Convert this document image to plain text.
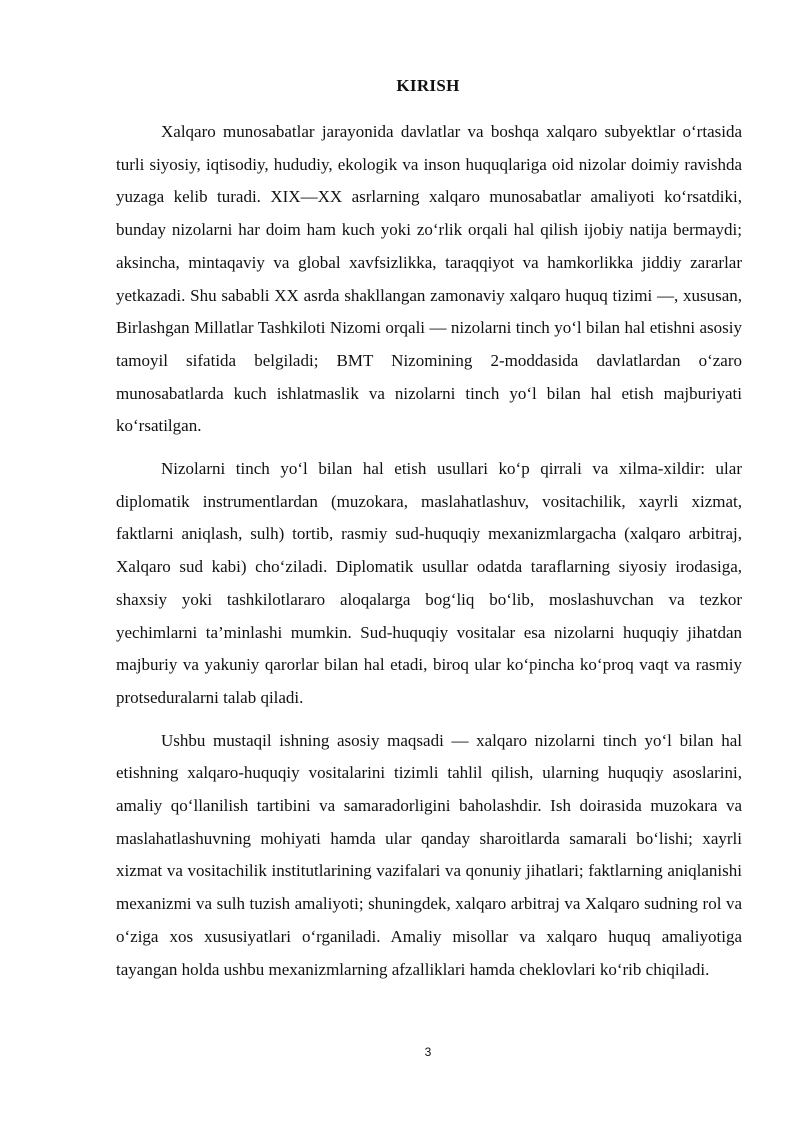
KIRISH

Xalqaro munosabatlar jarayonida davlatlar va boshqa xalqaro subyektlar o‘rtasida turli siyosiy, iqtisodiy, hududiy, ekologik va inson huquqlariga oid nizolar doimiy ravishda yuzaga kelib turadi. XIX—XX asrlarning xalqaro munosabatlar amaliyoti ko‘rsatdiki, bunday nizolarni har doim ham kuch yoki zo‘rlik orqali hal qilish ijobiy natija bermaydi; aksincha, mintaqaviy va global xavfsizlikka, taraqqiyot va hamkorlikka jiddiy zararlar yetkazadi. Shu sababli XX asrda shakllangan zamonaviy xalqaro huquq tizimi —, xususan, Birlashgan Millatlar Tashkiloti Nizomi orqali — nizolarni tinch yo‘l bilan hal etishni asosiy tamoyil sifatida belgiladi; BMT Nizomining 2-moddasida davlatlardan o‘zaro munosabatlarda kuch ishlatmaslik va nizolarni tinch yo‘l bilan hal etish majburiyati ko‘rsatilgan.

Nizolarni tinch yo‘l bilan hal etish usullari ko‘p qirrali va xilma-xildir: ular diplomatik instrumentlardan (muzokara, maslahatlashuv, vositachilik, xayrli xizmat, faktlarni aniqlash, sulh) tortib, rasmiy sud-huquqiy mexanizmlargacha (xalqaro arbitraj, Xalqaro sud kabi) cho‘ziladi. Diplomatik usullar odatda taraflarning siyosiy irodasiga, shaxsiy yoki tashkilotlararo aloqalarga bog‘liq bo‘lib, moslashuvchan va tezkor yechimlarni ta’minlashi mumkin. Sud-huquqiy vositalar esa nizolarni huquqiy jihatdan majburiy va yakuniy qarorlar bilan hal etadi, biroq ular ko‘pincha ko‘proq vaqt va rasmiy protseduralarni talab qiladi.

Ushbu mustaqil ishning asosiy maqsadi — xalqaro nizolarni tinch yo‘l bilan hal etishning xalqaro-huquqiy vositalarini tizimli tahlil qilish, ularning huquqiy asoslarini, amaliy qo‘llanilish tartibini va samaradorligini baholashdir. Ish doirasida muzokara va maslahatlashuvning mohiyati hamda ular qanday sharoitlarda samarali bo‘lishi; xayrli xizmat va vositachilik institutlarining vazifalari va qonuniy jihatlari; faktlarning aniqlanishi mexanizmi va sulh tuzish amaliyoti; shuningdek, xalqaro arbitraj va Xalqaro sudning rol va o‘ziga xos xususiyatlari o‘rganiladi. Amaliy misollar va xalqaro huquq amaliyotiga tayangan holda ushbu mexanizmlarning afzalliklari hamda cheklovlari ko‘rib chiqiladi.

3
